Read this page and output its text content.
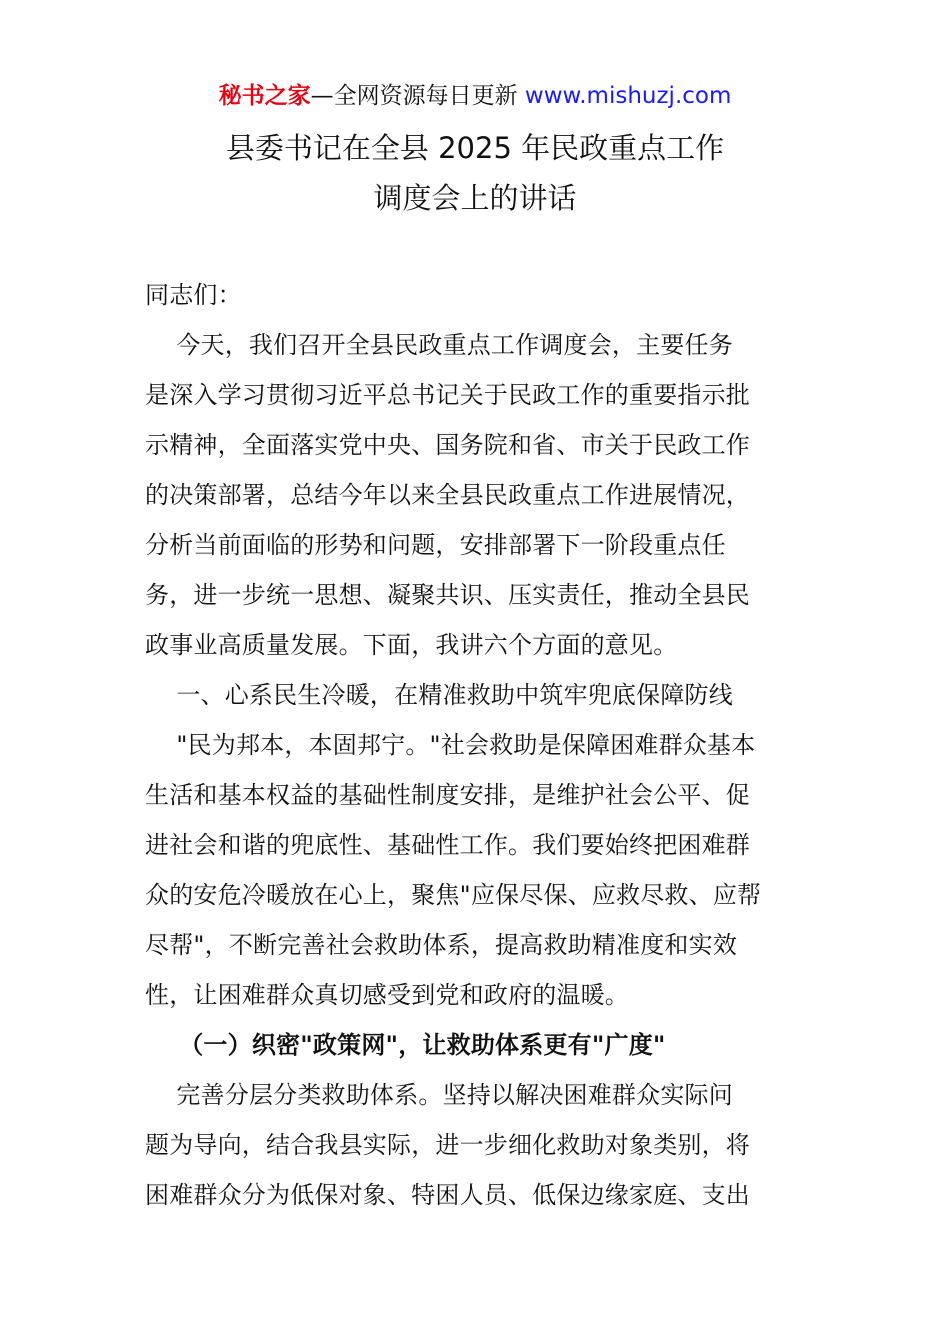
秘书之家—全网资源每日更新 www.mishuzj.com
县委书记在全县 2025 年民政重点工作
调度会上的讲话
同志们：
今天，我们召开全县民政重点工作调度会，主要任务
是深入学习贯彻习近平总书记关于民政工作的重要指示批
示精神，全面落实党中央、国务院和省、市关于民政工作
的决策部署，总结今年以来全县民政重点工作进展情况，
分析当前面临的形势和问题，安排部署下一阶段重点任
务，进一步统一思想、凝聚共识、压实责任，推动全县民
政事业高质量发展。下面，我讲六个方面的意见。
一、心系民生冷暖，在精准救助中筑牢兜底保障防线
"民为邦本，本固邦宁。"社会救助是保障困难群众基本
生活和基本权益的基础性制度安排，是维护社会公平、促
进社会和谐的兜底性、基础性工作。我们要始终把困难群
众的安危冷暖放在心上，聚焦"应保尽保、应救尽救、应帮
尽帮"，不断完善社会救助体系，提高救助精准度和实效
性，让困难群众真切感受到党和政府的温暖。
（一）织密"政策网"，让救助体系更有"广度"
完善分层分类救助体系。坚持以解决困难群众实际问
题为导向，结合我县实际，进一步细化救助对象类别，将
困难群众分为低保对象、特困人员、低保边缘家庭、支出
